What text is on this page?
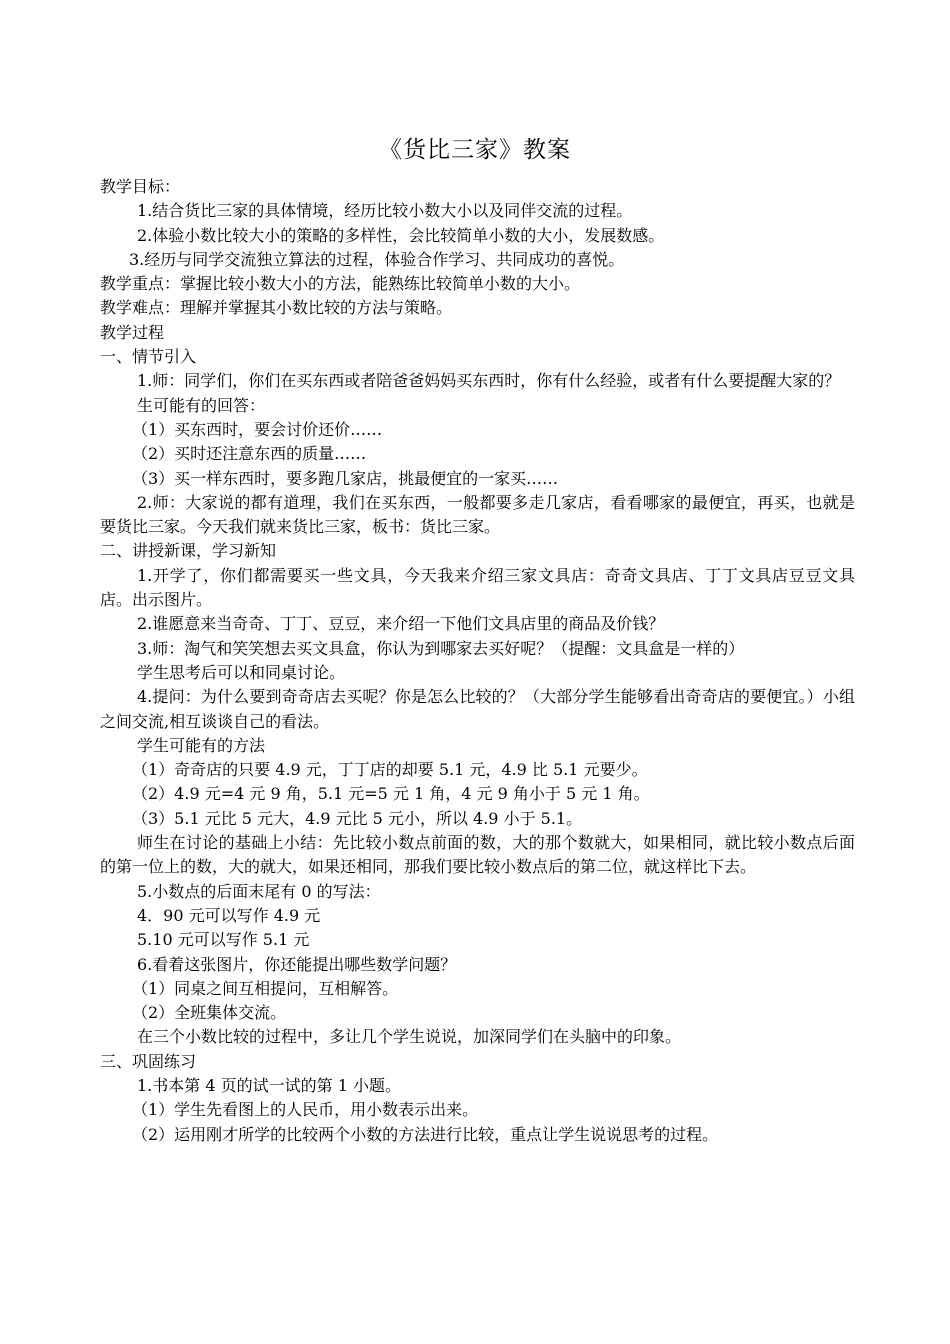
《货比三家》教案
教学目标：
1.结合货比三家的具体情境，经历比较小数大小以及同伴交流的过程。
2.体验小数比较大小的策略的多样性，会比较简单小数的大小，发展数感。
3.经历与同学交流独立算法的过程，体验合作学习、共同成功的喜悦。
教学重点：掌握比较小数大小的方法，能熟练比较简单小数的大小。
教学难点：理解并掌握其小数比较的方法与策略。
教学过程
一、情节引入
1.师：同学们，你们在买东西或者陪爸爸妈妈买东西时，你有什么经验，或者有什么要提醒大家的？
生可能有的回答：
（1）买东西时，要会讨价还价……
（2）买时还注意东西的质量……
（3）买一样东西时，要多跑几家店，挑最便宜的一家买……
2.师：大家说的都有道理，我们在买东西，一般都要多走几家店，看看哪家的最便宜，再买，也就是要货比三家。今天我们就来货比三家，板书：货比三家。
二、讲授新课，学习新知
1.开学了，你们都需要买一些文具，今天我来介绍三家文具店：奇奇文具店、丁丁文具店豆豆文具店。出示图片。
2.谁愿意来当奇奇、丁丁、豆豆，来介绍一下他们文具店里的商品及价钱？
3.师：淘气和笑笑想去买文具盒，你认为到哪家去买好呢？（提醒：文具盒是一样的）
学生思考后可以和同桌讨论。
4.提问：为什么要到奇奇店去买呢？你是怎么比较的？（大部分学生能够看出奇奇店的要便宜。）小组之间交流,相互谈谈自己的看法。
学生可能有的方法
（1）奇奇店的只要 4.9 元，丁丁店的却要 5.1 元，4.9 比 5.1 元要少。
（2）4.9 元=4 元 9 角，5.1 元=5 元 1 角，4 元 9 角小于 5 元 1 角。
（3）5.1 元比 5 元大，4.9 元比 5 元小，所以 4.9 小于 5.1。
师生在讨论的基础上小结：先比较小数点前面的数，大的那个数就大，如果相同，就比较小数点后面的第一位上的数，大的就大，如果还相同，那我们要比较小数点后的第二位，就这样比下去。
5.小数点的后面末尾有 0 的写法：
4．90 元可以写作 4.9 元
5.10 元可以写作 5.1 元
6.看着这张图片，你还能提出哪些数学问题？
（1）同桌之间互相提问，互相解答。
（2）全班集体交流。
在三个小数比较的过程中，多让几个学生说说，加深同学们在头脑中的印象。
三、巩固练习
1.书本第 4 页的试一试的第 1 小题。
（1）学生先看图上的人民币，用小数表示出来。
（2）运用刚才所学的比较两个小数的方法进行比较，重点让学生说说思考的过程。
